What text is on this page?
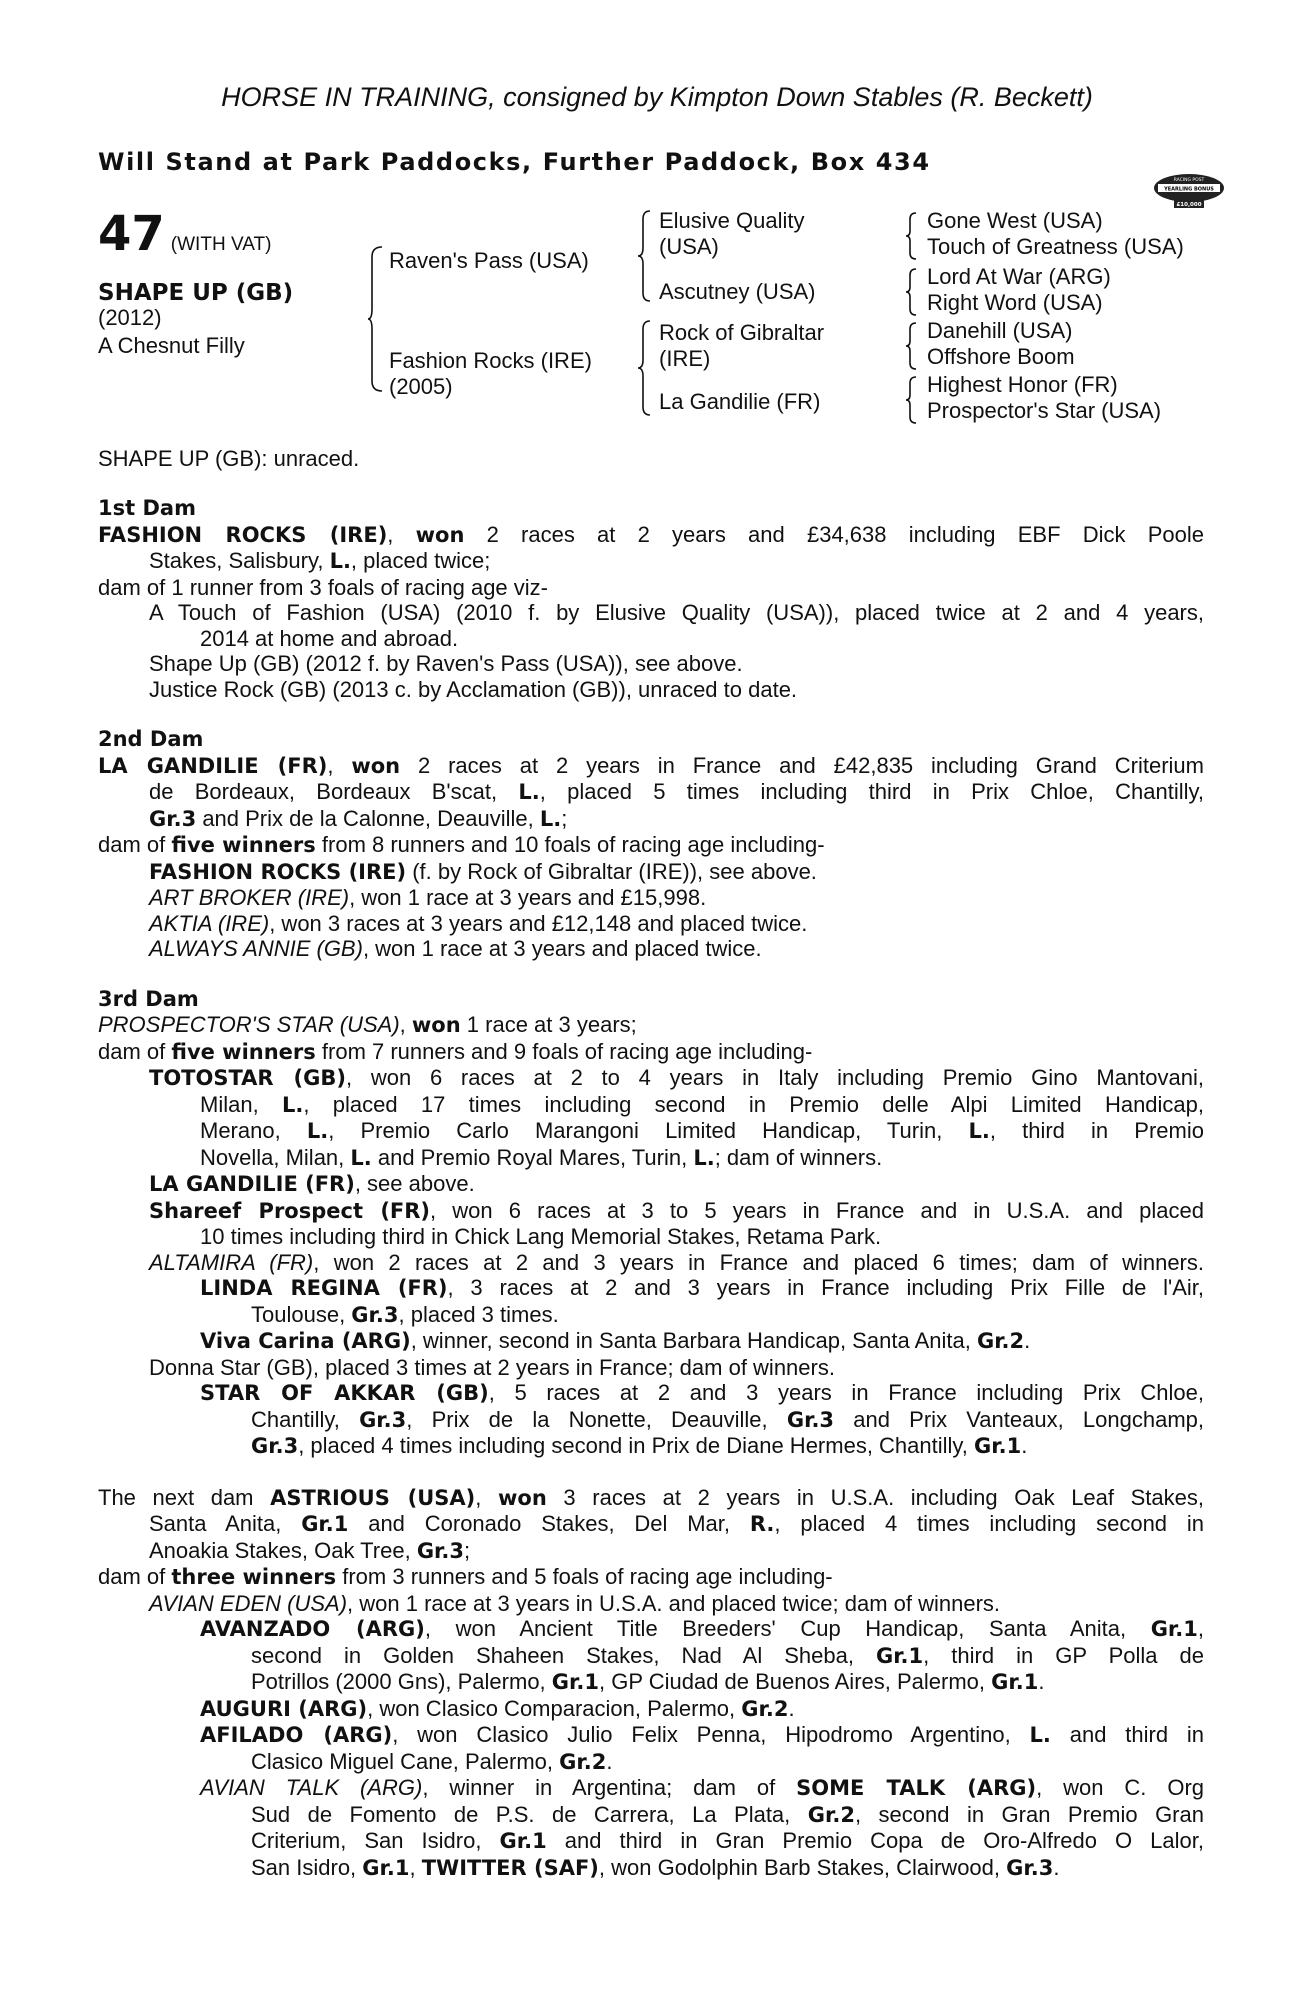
HORSE IN TRAINING, consigned by Kimpton Down Stables (R. Beckett)
Will Stand at Park Paddocks, Further Paddock, Box 434
RACING POST
YEARLING BONUS
£10,000
47 (WITH VAT)
SHAPE UP (GB)
(2012)
A Chesnut Filly
Raven's Pass (USA)
Fashion Rocks (IRE)
(2005)
Elusive Quality
(USA)
Ascutney (USA)
Rock of Gibraltar
(IRE)
La Gandilie (FR)
Gone West (USA)
Touch of Greatness (USA)
Lord At War (ARG)
Right Word (USA)
Danehill (USA)
Offshore Boom
Highest Honor (FR)
Prospector's Star (USA)
SHAPE UP (GB): unraced.
1st Dam
FASHION ROCKS (IRE), won 2 races at 2 years and £34,638 including EBF Dick Poole
Stakes, Salisbury, L., placed twice;
dam of 1 runner from 3 foals of racing age viz-
A Touch of Fashion (USA) (2010 f. by Elusive Quality (USA)), placed twice at 2 and 4 years,
2014 at home and abroad.
Shape Up (GB) (2012 f. by Raven's Pass (USA)), see above.
Justice Rock (GB) (2013 c. by Acclamation (GB)), unraced to date.
2nd Dam
LA GANDILIE (FR), won 2 races at 2 years in France and £42,835 including Grand Criterium
de Bordeaux, Bordeaux B'scat, L., placed 5 times including third in Prix Chloe, Chantilly,
Gr.3 and Prix de la Calonne, Deauville, L.;
dam of five winners from 8 runners and 10 foals of racing age including-
FASHION ROCKS (IRE) (f. by Rock of Gibraltar (IRE)), see above.
ART BROKER (IRE), won 1 race at 3 years and £15,998.
AKTIA (IRE), won 3 races at 3 years and £12,148 and placed twice.
ALWAYS ANNIE (GB), won 1 race at 3 years and placed twice.
3rd Dam
PROSPECTOR'S STAR (USA), won 1 race at 3 years;
dam of five winners from 7 runners and 9 foals of racing age including-
TOTOSTAR (GB), won 6 races at 2 to 4 years in Italy including Premio Gino Mantovani,
Milan, L., placed 17 times including second in Premio delle Alpi Limited Handicap,
Merano, L., Premio Carlo Marangoni Limited Handicap, Turin, L., third in Premio
Novella, Milan, L. and Premio Royal Mares, Turin, L.; dam of winners.
LA GANDILIE (FR), see above.
Shareef Prospect (FR), won 6 races at 3 to 5 years in France and in U.S.A. and placed
10 times including third in Chick Lang Memorial Stakes, Retama Park.
ALTAMIRA (FR), won 2 races at 2 and 3 years in France and placed 6 times; dam of winners.
LINDA REGINA (FR), 3 races at 2 and 3 years in France including Prix Fille de l'Air,
Toulouse, Gr.3, placed 3 times.
Viva Carina (ARG), winner, second in Santa Barbara Handicap, Santa Anita, Gr.2.
Donna Star (GB), placed 3 times at 2 years in France; dam of winners.
STAR OF AKKAR (GB), 5 races at 2 and 3 years in France including Prix Chloe,
Chantilly, Gr.3, Prix de la Nonette, Deauville, Gr.3 and Prix Vanteaux, Longchamp,
Gr.3, placed 4 times including second in Prix de Diane Hermes, Chantilly, Gr.1.
The next dam ASTRIOUS (USA), won 3 races at 2 years in U.S.A. including Oak Leaf Stakes,
Santa Anita, Gr.1 and Coronado Stakes, Del Mar, R., placed 4 times including second in
Anoakia Stakes, Oak Tree, Gr.3;
dam of three winners from 3 runners and 5 foals of racing age including-
AVIAN EDEN (USA), won 1 race at 3 years in U.S.A. and placed twice; dam of winners.
AVANZADO (ARG), won Ancient Title Breeders' Cup Handicap, Santa Anita, Gr.1,
second in Golden Shaheen Stakes, Nad Al Sheba, Gr.1, third in GP Polla de
Potrillos (2000 Gns), Palermo, Gr.1, GP Ciudad de Buenos Aires, Palermo, Gr.1.
AUGURI (ARG), won Clasico Comparacion, Palermo, Gr.2.
AFILADO (ARG), won Clasico Julio Felix Penna, Hipodromo Argentino, L. and third in
Clasico Miguel Cane, Palermo, Gr.2.
AVIAN TALK (ARG), winner in Argentina; dam of SOME TALK (ARG), won C. Org
Sud de Fomento de P.S. de Carrera, La Plata, Gr.2, second in Gran Premio Gran
Criterium, San Isidro, Gr.1 and third in Gran Premio Copa de Oro-Alfredo O Lalor,
San Isidro, Gr.1, TWITTER (SAF), won Godolphin Barb Stakes, Clairwood, Gr.3.
